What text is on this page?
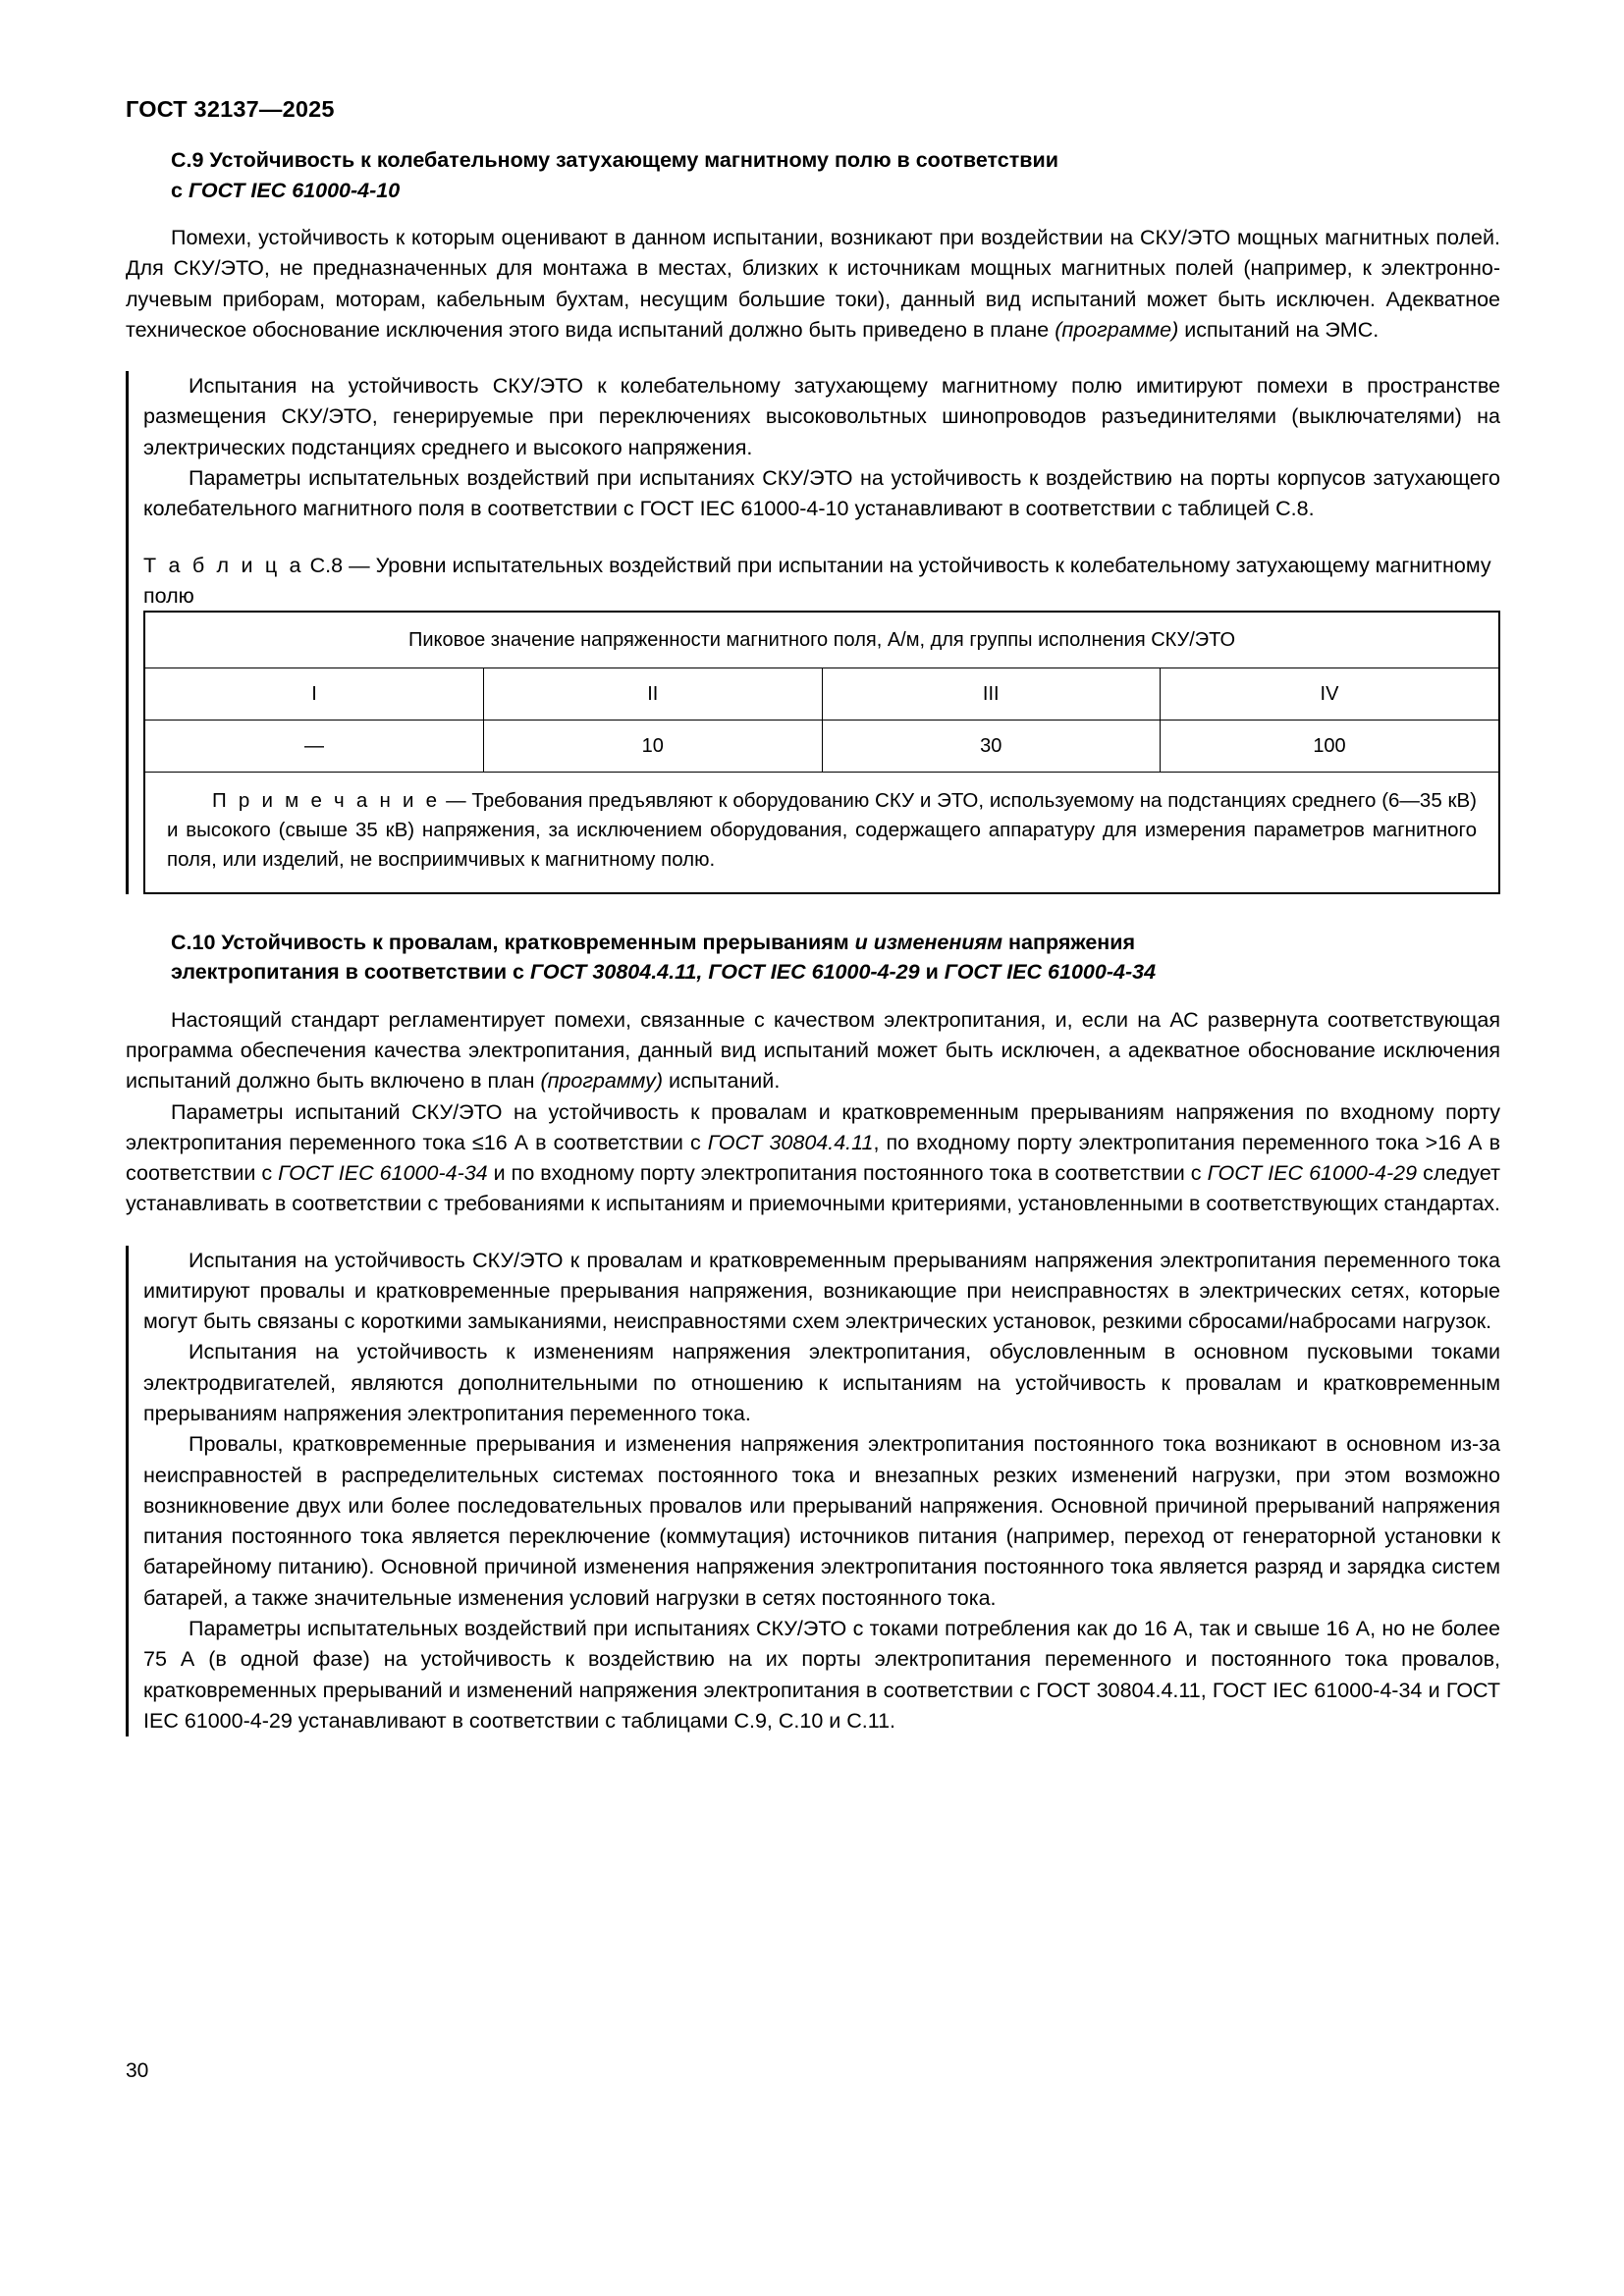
ГОСТ 32137—2025
C.9 Устойчивость к колебательному затухающему магнитному полю в соответствии
с ГОСТ IEC 61000-4-10

Помехи, устойчивость к которым оценивают в данном испытании, возникают при воздействии на СКУ/ЭТО мощных магнитных полей. Для СКУ/ЭТО, не предназначенных для монтажа в местах, близких к источникам мощных магнитных полей (например, к электронно-лучевым приборам, моторам, кабельным бухтам, несущим большие токи), данный вид испытаний может быть исключен. Адекватное техническое обоснование исключения этого вида испытаний должно быть приведено в плане (программе) испытаний на ЭМС.

Испытания на устойчивость СКУ/ЭТО к колебательному затухающему магнитному полю имитируют помехи в пространстве размещения СКУ/ЭТО, генерируемые при переключениях высоковольтных шинопроводов разъединителями (выключателями) на электрических подстанциях среднего и высокого напряжения.

Параметры испытательных воздействий при испытаниях СКУ/ЭТО на устойчивость к воздействию на порты корпусов затухающего колебательного магнитного поля в соответствии с ГОСТ IEC 61000-4-10 устанавливают в соответствии с таблицей С.8.

Т а б л и ц а С.8 — Уровни испытательных воздействий при испытании на устойчивость к колебательному затухающему магнитному полю

Пиковое значение напряженности магнитного поля, А/м, для группы исполнения СКУ/ЭТО			
I	II	III	IV
—	10	30	100
П р и м е ч а н и е — Требования предъявляют к оборудованию СКУ и ЭТО, используемому на подстанциях среднего (6—35 кВ) и высокого (свыше 35 кВ) напряжения, за исключением оборудования, содержащего аппаратуру для измерения параметров магнитного поля, или изделий, не восприимчивых к магнитному полю.			
C.10 Устойчивость к провалам, кратковременным прерываниям и изменениям напряжения
электропитания в соответствии с ГОСТ 30804.4.11, ГОСТ IEC 61000-4-29 и ГОСТ IEC 61000-4-34

Настоящий стандарт регламентирует помехи, связанные с качеством электропитания, и, если на АС развернута соответствующая программа обеспечения качества электропитания, данный вид испытаний может быть исключен, а адекватное обоснование исключения испытаний должно быть включено в план (программу) испытаний.

Параметры испытаний СКУ/ЭТО на устойчивость к провалам и кратковременным прерываниям напряжения по входному порту электропитания переменного тока ≤16 А в соответствии с ГОСТ 30804.4.11, по входному порту электропитания переменного тока >16 А в соответствии с ГОСТ IEC 61000-4-34 и по входному порту электропитания постоянного тока в соответствии с ГОСТ IEC 61000-4-29 следует устанавливать в соответствии с требованиями к испытаниям и приемочными критериями, установленными в соответствующих стандартах.

Испытания на устойчивость СКУ/ЭТО к провалам и кратковременным прерываниям напряжения электропитания переменного тока имитируют провалы и кратковременные прерывания напряжения, возникающие при неисправностях в электрических сетях, которые могут быть связаны с короткими замыканиями, неисправностями схем электрических установок, резкими сбросами/набросами нагрузок.

Испытания на устойчивость к изменениям напряжения электропитания, обусловленным в основном пусковыми токами электродвигателей, являются дополнительными по отношению к испытаниям на устойчивость к провалам и кратковременным прерываниям напряжения электропитания переменного тока.

Провалы, кратковременные прерывания и изменения напряжения электропитания постоянного тока возникают в основном из-за неисправностей в распределительных системах постоянного тока и внезапных резких изменений нагрузки, при этом возможно возникновение двух или более последовательных провалов или прерываний напряжения. Основной причиной прерываний напряжения питания постоянного тока является переключение (коммутация) источников питания (например, переход от генераторной установки к батарейному питанию). Основной причиной изменения напряжения электропитания постоянного тока является разряд и зарядка систем батарей, а также значительные изменения условий нагрузки в сетях постоянного тока.

Параметры испытательных воздействий при испытаниях СКУ/ЭТО с токами потребления как до 16 А, так и свыше 16 А, но не более 75 А (в одной фазе) на устойчивость к воздействию на их порты электропитания переменного и постоянного тока провалов, кратковременных прерываний и изменений напряжения электропитания в соответствии с ГОСТ 30804.4.11, ГОСТ IEC 61000-4-34 и ГОСТ IEC 61000-4-29 устанавливают в соответствии с таблицами С.9, С.10 и С.11.

30
